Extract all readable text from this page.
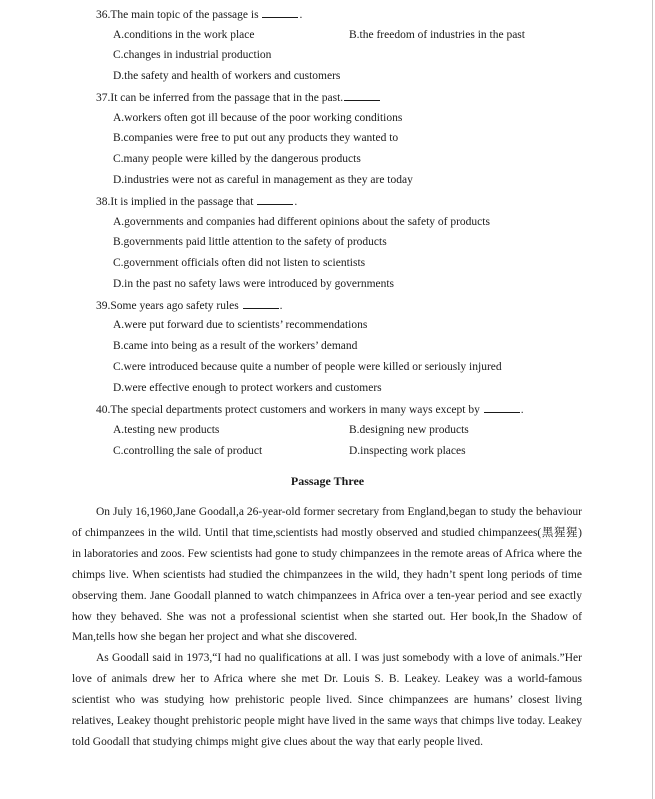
36.The main topic of the passage is	.
A.conditions in the work place	B.the freedom of industries in the past
C.changes in industrial production
D.the safety and health of workers and customers
37.It can be inferred from the passage that in the past.
A.workers often got ill because of the poor working conditions
B.companies were free to put out any products they wanted to
C.many people were killed by the dangerous products
D.industries were not as careful in management as they are today
38.It is implied in the passage that	.
A.governments and companies had different opinions about the safety of products
B.governments paid little attention to the safety of products
C.government officials often did not listen to scientists
D.in the past no safety laws were introduced by governments
39.Some years ago safety rules	.
A.were put forward due to scientists’ recommendations
B.came into being as a result of the workers’ demand
C.were introduced because quite a number of people were killed or seriously injured
D.were effective enough to protect workers and customers
40.The special departments protect customers and workers in many ways except by	.
A.testing new products	B.designing new products
C.controlling the sale of product	D.inspecting work places
Passage Three

On July 16,1960,Jane Goodall,a 26-year-old former secretary from England,began to study the behaviour of chimpanzees in the wild. Until that time,scientists had mostly observed and studied chimpanzees(黑猩猩) in laboratories and zoos. Few scientists had gone to study chimpanzees in the remote areas of Africa where the chimps live. When scientists had studied the chimpanzees in the wild, they hadn’t spent long periods of time observing them. Jane Goodall planned to watch chimpanzees in Africa over a ten-year period and see exactly how they behaved. She was not a professional scientist when she started out. Her book,In the Shadow of Man,tells how she began her project and what she discovered.

As Goodall said in 1973,“I had no qualifications at all. I was just somebody with a love of animals.”Her love of animals drew her to Africa where she met Dr. Louis S. B. Leakey. Leakey was a world-famous scientist who was studying how prehistoric people lived. Since chimpanzees are humans’ closest living relatives, Leakey thought prehistoric people might have lived in the same ways that chimps live today. Leakey told Goodall that studying chimps might give clues about the way that early people lived.
